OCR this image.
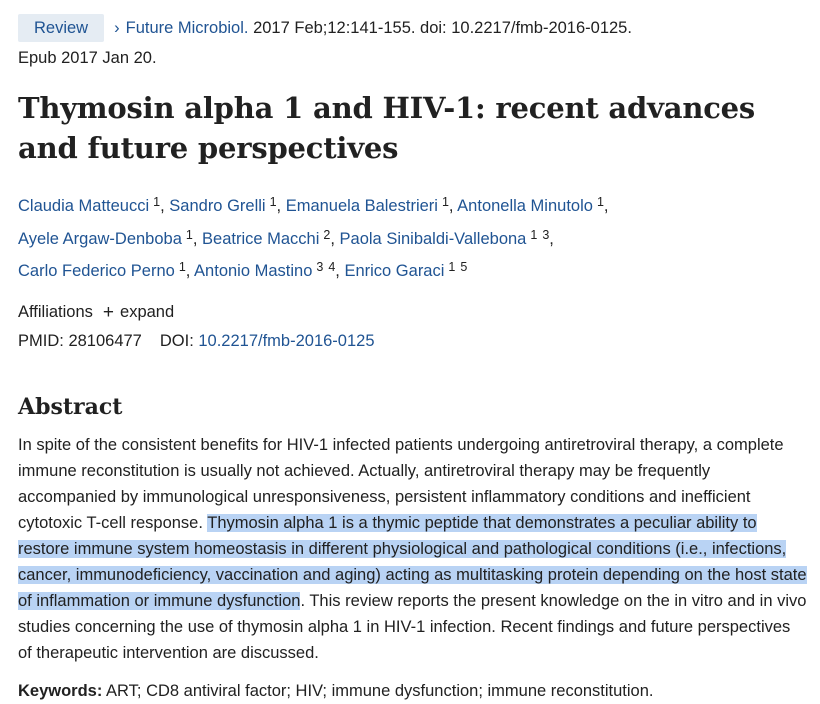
Review › Future Microbiol. 2017 Feb;12:141-155. doi: 10.2217/fmb-2016-0125.
Epub 2017 Jan 20.
Thymosin alpha 1 and HIV-1: recent advances and future perspectives
Claudia Matteucci 1, Sandro Grelli 1, Emanuela Balestrieri 1, Antonella Minutolo 1,
Ayele Argaw-Denboba 1, Beatrice Macchi 2, Paola Sinibaldi-Vallebona 1 3,
Carlo Federico Perno 1, Antonio Mastino 3 4, Enrico Garaci 1 5
Affiliations + expand
PMID: 28106477 DOI: 10.2217/fmb-2016-0125
Abstract
In spite of the consistent benefits for HIV-1 infected patients undergoing antiretroviral therapy, a complete immune reconstitution is usually not achieved. Actually, antiretroviral therapy may be frequently accompanied by immunological unresponsiveness, persistent inflammatory conditions and inefficient cytotoxic T-cell response. Thymosin alpha 1 is a thymic peptide that demonstrates a peculiar ability to restore immune system homeostasis in different physiological and pathological conditions (i.e., infections, cancer, immunodeficiency, vaccination and aging) acting as multitasking protein depending on the host state of inflammation or immune dysfunction. This review reports the present knowledge on the in vitro and in vivo studies concerning the use of thymosin alpha 1 in HIV-1 infection. Recent findings and future perspectives of therapeutic intervention are discussed.
Keywords: ART; CD8 antiviral factor; HIV; immune dysfunction; immune reconstitution.
